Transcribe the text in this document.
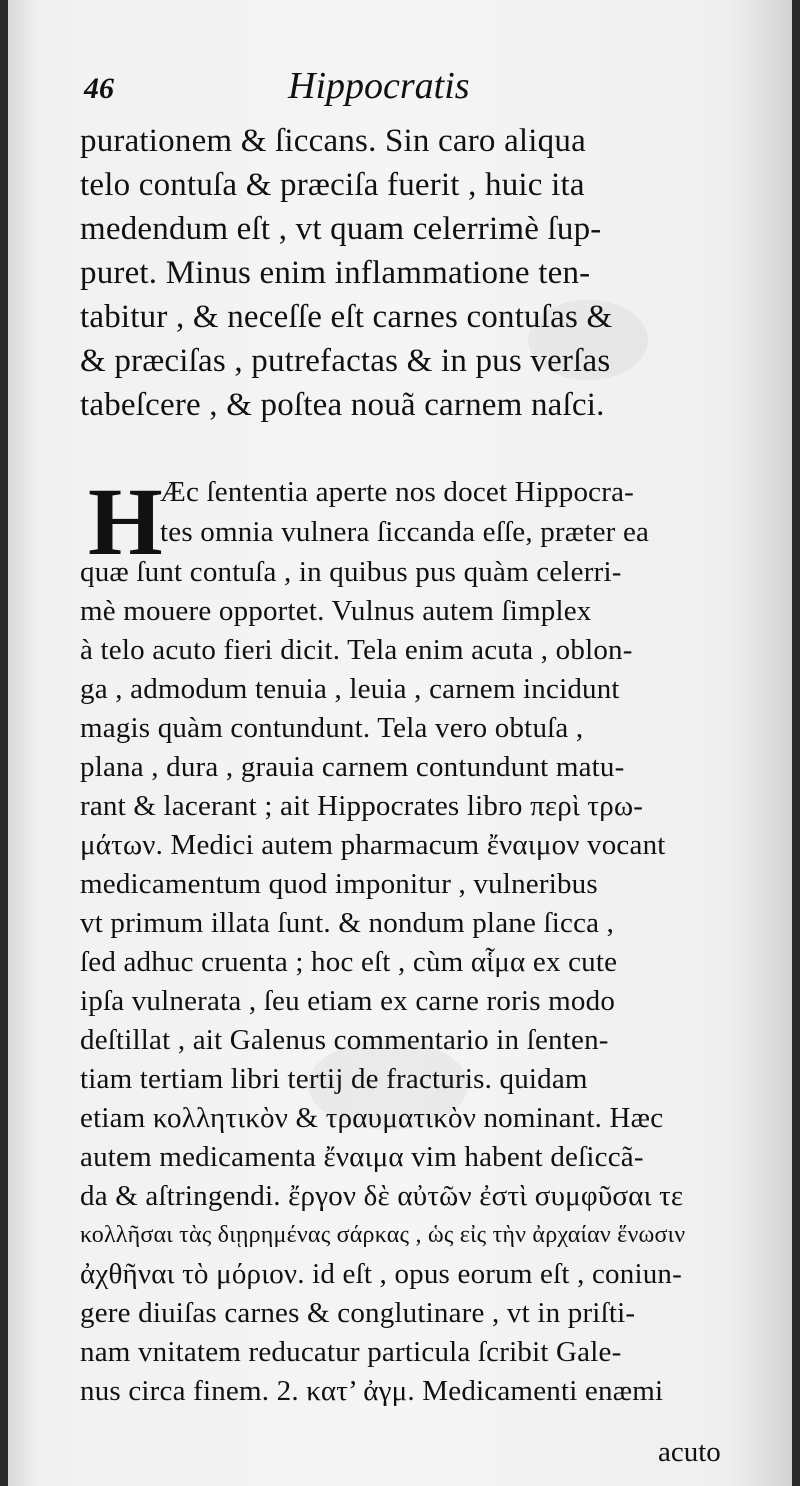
46	Hippocratis
purationem & ſiccans. Sin caro aliqua
telo contuſa & præciſa fuerit , huic ita
medendum eſt , vt quam celerrimè ſup-
puret. Minus enim inflammatione ten-
tabitur , & neceſſe eſt carnes contuſas &
& præciſas , putrefactas & in pus verſas
tabeſcere , & poſtea nouã carnem naſci.
H
Æc ſententia aperte nos docet Hippocra-
tes omnia vulnera ſiccanda eſſe, præter ea
quæ ſunt contuſa , in quibus pus quàm celerri-
mè mouere opportet. Vulnus autem ſimplex
à telo acuto fieri dicit. Tela enim acuta , oblon-
ga , admodum tenuia , leuia , carnem incidunt
magis quàm contundunt. Tela vero obtuſa ,
plana , dura , grauia carnem contundunt matu-
rant & lacerant ; ait Hippocrates libro περὶ τρω-
μάτων. Medici autem pharmacum ἔναιμον vocant
medicamentum quod imponitur , vulneribus
vt primum illata ſunt. & nondum plane ſicca ,
ſed adhuc cruenta ; hoc eſt , cùm αἷμα ex cute
ipſa vulnerata , ſeu etiam ex carne roris modo
deſtillat , ait Galenus commentario in ſenten-
tiam tertiam libri tertij de fracturis. quidam
etiam κολλητικὸν & τραυματικὸν nominant. Hæc
autem medicamenta ἔναιμα vim habent deſiccã-
da & aſtringendi. ἔργον δὲ αὐτῶν ἐστὶ συμφῦσαι τε
κολλῆσαι τὰς διῃρημένας σάρκας , ὡς εἰς τὴν ἀρχαίαν ἕνωσιν
ἀχθῆναι τὸ μόριον. id eſt , opus eorum eſt , coniun-
gere diuiſas carnes & conglutinare , vt in priſti-
nam vnitatem reducatur particula ſcribit Gale-
nus circa finem. 2. κατ’ ἀγμ. Medicamenti enæmi
acuto
